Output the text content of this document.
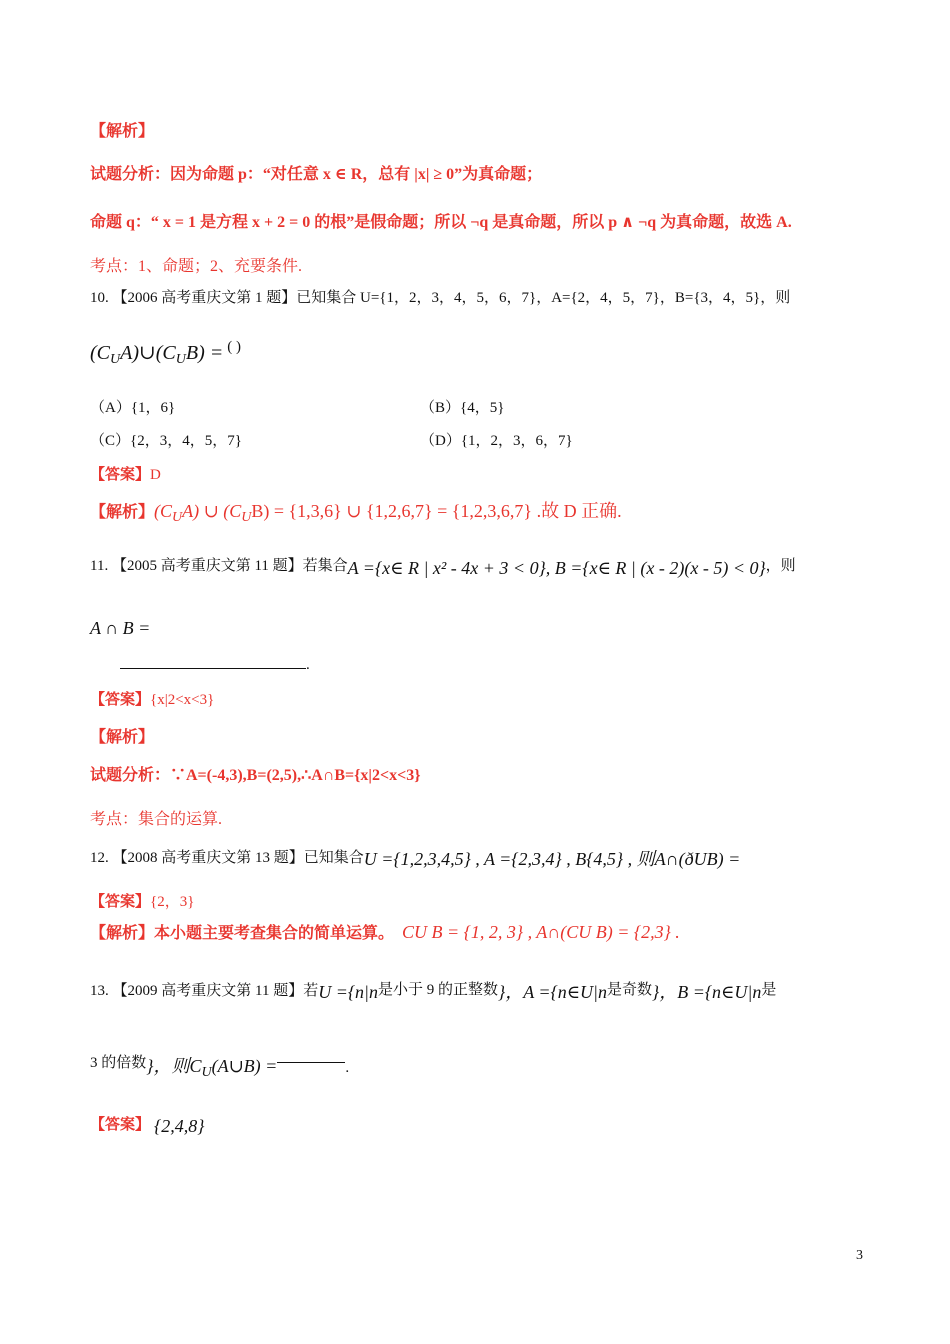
【解析】
试题分析：因为命题 p：“对任意 x ∈ R，总有 |x| ≥ 0”为真命题；
命题 q：“ x = 1 是方程 x + 2 = 0 的根”是假命题；所以 ¬q 是真命题，所以 p ∧ ¬q 为真命题，故选 A.
考点：1、命题；2、充要条件.
10. 【2006 高考重庆文第 1 题】已知集合 U={1，2，3，4，5，6，7}，A={2，4，5，7}，B={3，4，5}，则
$(C_UA)\cup(C_UB)$ = ( )
（A）{1，6}	（B）{4，5}
（C）{2，3，4，5，7}	（D）{1，2，3，6，7}
【答案】D
【解析】$(C_UA)$ ∪ $(C_UB) = \{1,3,6\}$ ∪ {1,2,6,7} = {1,2,3,6,7} .故 D 正确.
11. 【2005 高考重庆文第 11 题】若集合A ={x∈ R | x² - 4x + 3 < 0}, B ={x∈ R | (x - 2)(x - 5) < 0}，则
A ∩ B =
.
【答案】{x|2<x<3}
【解析】
试题分析：∵A=(-4,3),B=(2,5),∴A∩B={x|2<x<3}
考点：集合的运算.
12. 【2008 高考重庆文第 13 题】已知集合U ={1,2,3,4,5} , A ={2,3,4} , B{4,5} , 则A∩(ðUB) =
【答案】{2，3}
【解析】本小题主要考查集合的简单运算。 CU B = {1, 2, 3} , A∩(CU B) = {2,3} .
13. 【2009 高考重庆文第 11 题】若U ={n|n是小于 9 的正整数}，A ={n∈U|n是奇数}，B ={n∈U|n是
3 的倍数}，则$C_U(A\cup B)$ =	.
【答案】 {2,4,8}
3
